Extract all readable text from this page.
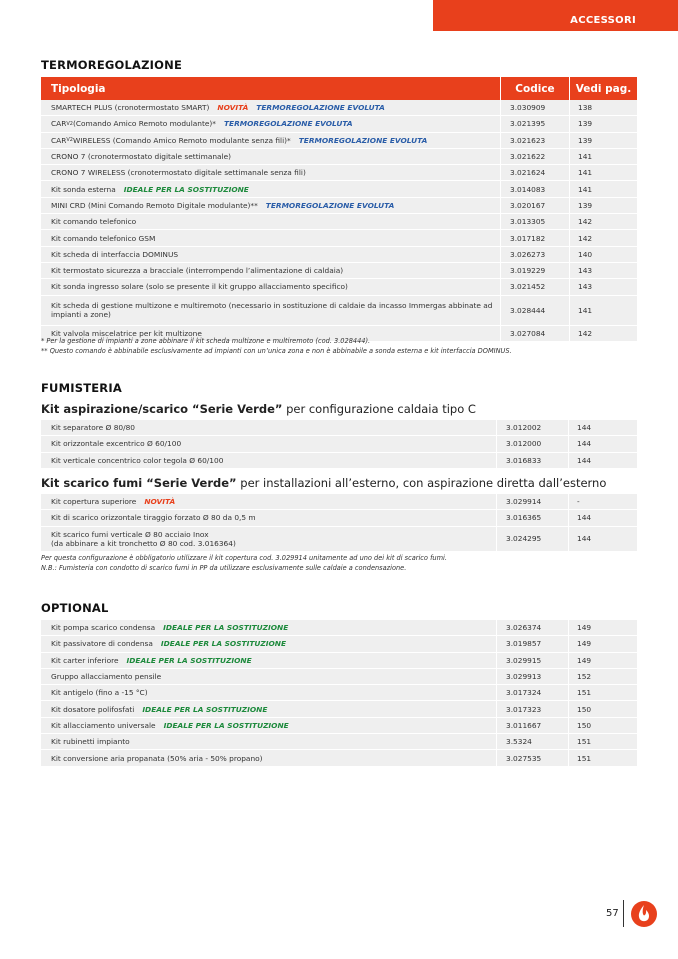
ACCESSORI
TERMOREGOLAZIONE
Tipologia	Codice	Vedi pag.
SMARTECH PLUS (cronotermostato SMART) NOVITÀ TERMOREGOLAZIONE EVOLUTA	3.030909	138
CAR V2 (Comando Amico Remoto modulante)* TERMOREGOLAZIONE EVOLUTA	3.021395	139
CAR V2 WIRELESS (Comando Amico Remoto modulante senza fili)* TERMOREGOLAZIONE EVOLUTA	3.021623	139
CRONO 7 (cronotermostato digitale settimanale)	3.021622	141
CRONO 7 WIRELESS (cronotermostato digitale settimanale senza fili)	3.021624	141
Kit sonda esterna IDEALE PER LA SOSTITUZIONE	3.014083	141
MINI CRD (Mini Comando Remoto Digitale modulante)** TERMOREGOLAZIONE EVOLUTA	3.020167	139
Kit comando telefonico	3.013305	142
Kit comando telefonico GSM	3.017182	142
Kit scheda di interfaccia DOMINUS	3.026273	140
Kit termostato sicurezza a bracciale (interrompendo l’alimentazione di caldaia)	3.019229	143
Kit sonda ingresso solare (solo se presente il kit gruppo allacciamento specifico)	3.021452	143
Kit scheda di gestione multizone e multiremoto (necessario in sostituzione di caldaie da incasso Immergas abbinate ad impianti a zone)	3.028444	141
Kit valvola miscelatrice per kit multizone	3.027084	142
* Per la gestione di impianti a zone abbinare il kit scheda multizone e multiremoto (cod. 3.028444).
** Questo comando è abbinabile esclusivamente ad impianti con un’unica zona e non è abbinabile a sonda esterna e kit interfaccia DOMINUS.
FUMISTERIA
Kit aspirazione/scarico “Serie Verde” per configurazione caldaia tipo C
Kit separatore Ø 80/80	3.012002	144
Kit orizzontale excentrico Ø 60/100	3.012000	144
Kit verticale concentrico color tegola Ø 60/100	3.016833	144
Kit scarico fumi “Serie Verde” per installazioni all’esterno, con aspirazione diretta dall’esterno
Kit copertura superiore NOVITÀ	3.029914	-
Kit di scarico orizzontale tiraggio forzato Ø 80 da 0,5 m	3.016365	144
Kit scarico fumi verticale Ø 80 acciaio Inox
(da abbinare a kit tronchetto Ø 80 cod. 3.016364)	3.024295	144
Per questa configurazione è obbligatorio utilizzare il kit copertura cod. 3.029914 unitamente ad uno dei kit di scarico fumi.
N.B.: Fumisteria con condotto di scarico fumi in PP da utilizzare esclusivamente sulle caldaie a condensazione.
OPTIONAL
Kit pompa scarico condensa IDEALE PER LA SOSTITUZIONE	3.026374	149
Kit passivatore di condensa IDEALE PER LA SOSTITUZIONE	3.019857	149
Kit carter inferiore IDEALE PER LA SOSTITUZIONE	3.029915	149
Gruppo allacciamento pensile	3.029913	152
Kit antigelo (fino a -15 °C)	3.017324	151
Kit dosatore polifosfati IDEALE PER LA SOSTITUZIONE	3.017323	150
Kit allacciamento universale IDEALE PER LA SOSTITUZIONE	3.011667	150
Kit rubinetti impianto	3.5324	151
Kit conversione aria propanata (50% aria - 50% propano)	3.027535	151
57
